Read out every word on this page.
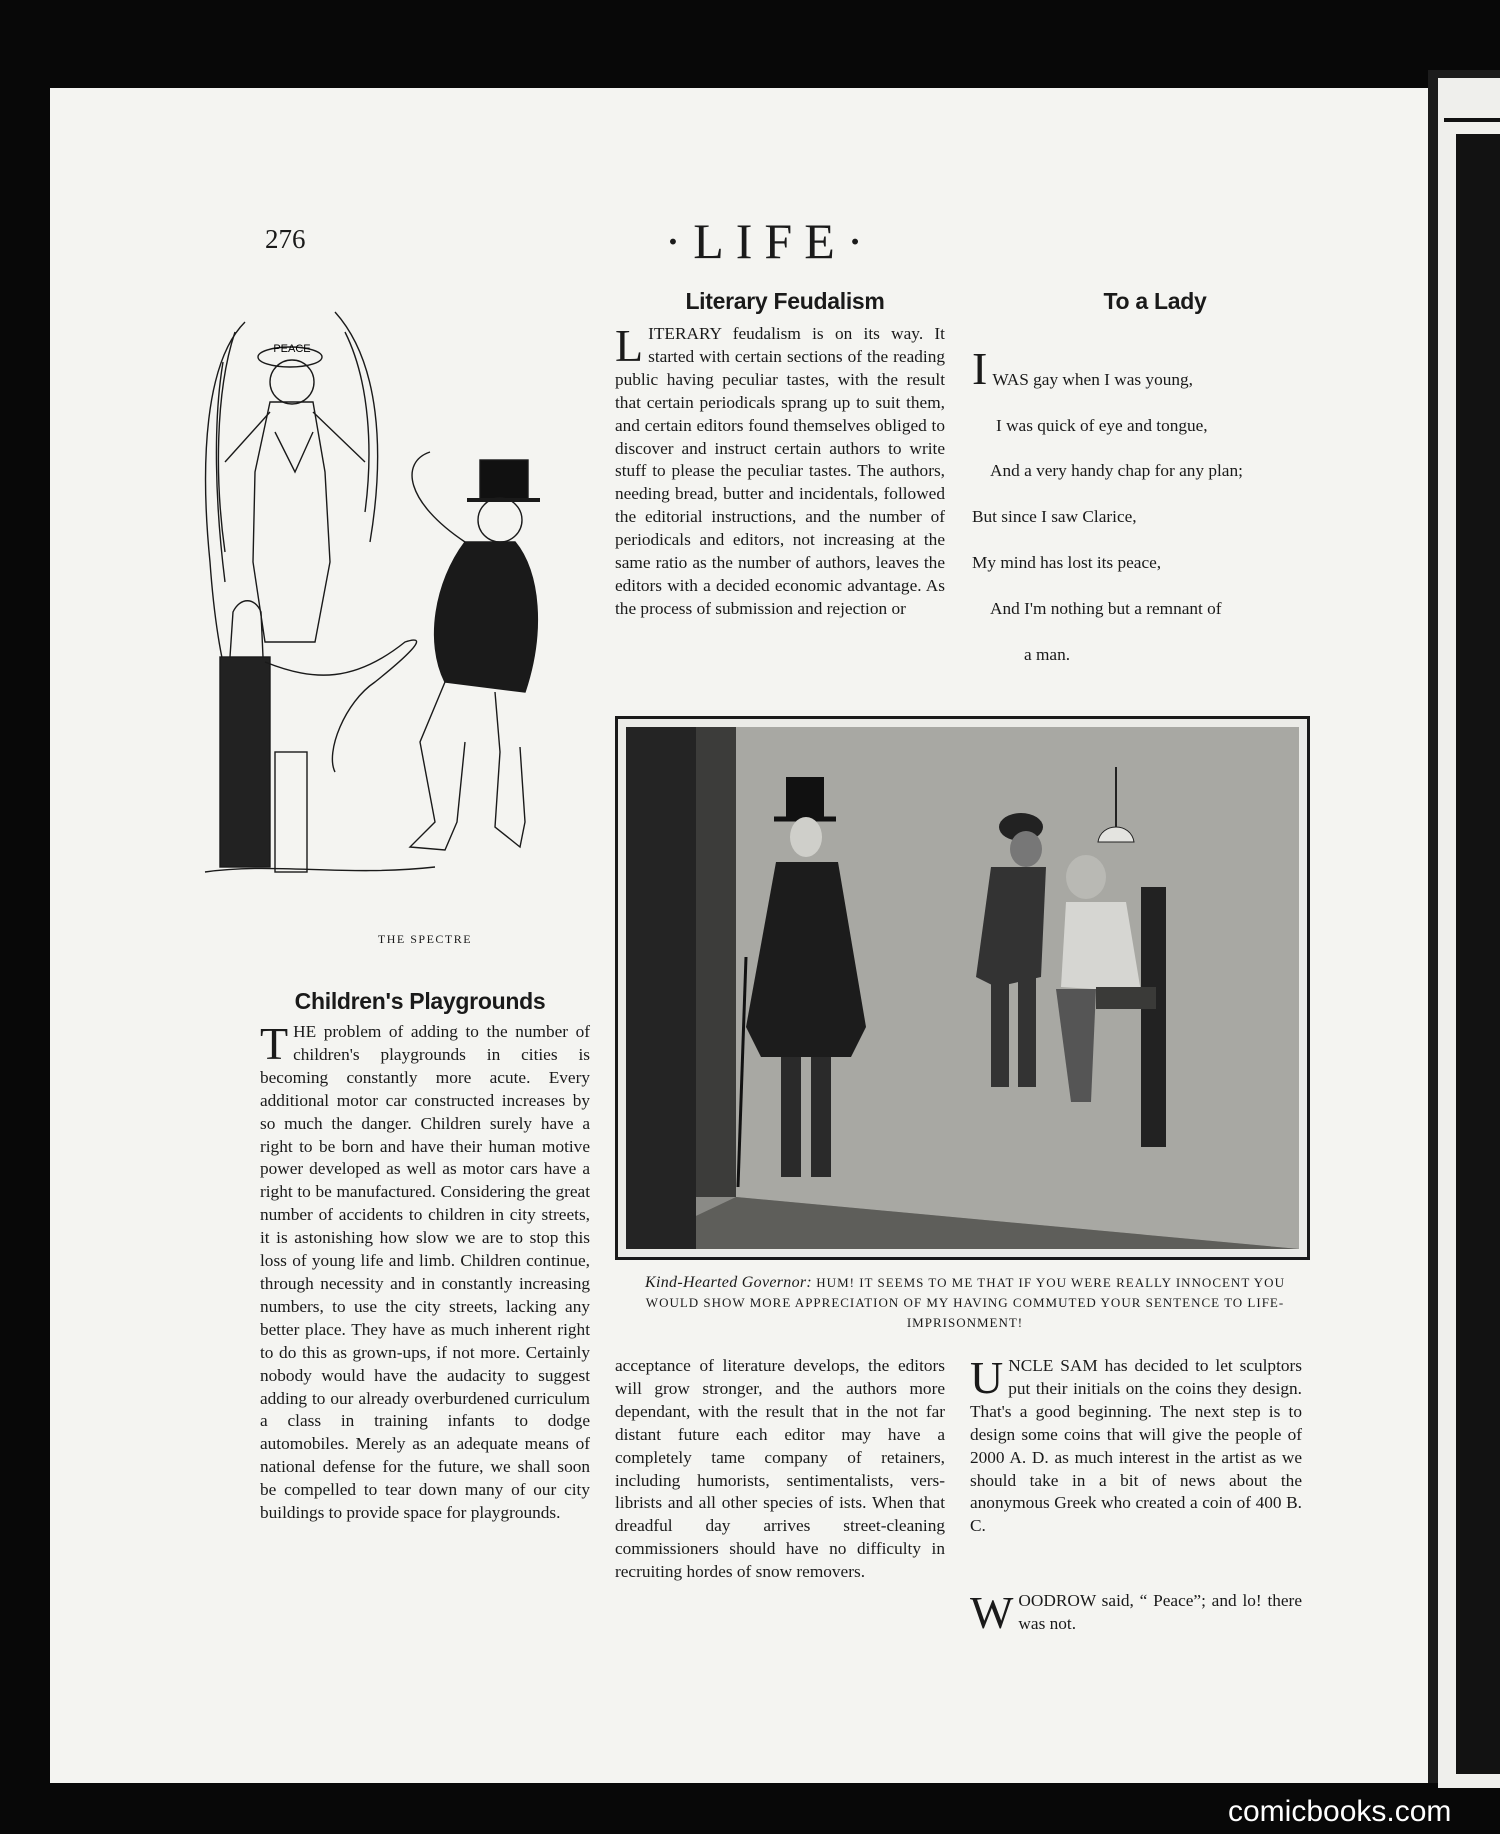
276	·LIFE·
PEACE
THE SPECTRE
Literary Feudalism
L ITERARY feudalism is on its way. It started with certain sections of the reading public having peculiar tastes, with the result that certain periodicals sprang up to suit them, and certain editors found themselves obliged to discover and instruct certain authors to write stuff to please the peculiar tastes. The authors, needing bread, butter and incidentals, followed the editorial instructions, and the number of periodicals and editors, not increasing at the same ratio as the number of authors, leaves the editors with a decided economic advantage. As the process of submission and rejection or
To a Lady

I WAS gay when I was young,

I was quick of eye and tongue,

And a very handy chap for any plan;

But since I saw Clarice,

My mind has lost its peace,

And I'm nothing but a remnant of

a man.

Kind-Hearted Governor: HUM! IT SEEMS TO ME THAT IF YOU WERE REALLY INNOCENT YOU WOULD SHOW MORE APPRECIATION OF MY HAVING COMMUTED YOUR SENTENCE TO LIFE-IMPRISONMENT!
Children's Playgrounds
T HE problem of adding to the number of children's playgrounds in cities is becoming constantly more acute. Every additional motor car constructed increases by so much the danger. Children surely have a right to be born and have their human motive power developed as well as motor cars have a right to be manufactured. Considering the great number of accidents to children in city streets, it is astonishing how slow we are to stop this loss of young life and limb. Children continue, through necessity and in constantly increasing numbers, to use the city streets, lacking any better place. They have as much inherent right to do this as grown-ups, if not more. Certainly nobody would have the audacity to suggest adding to our already overburdened curriculum a class in training infants to dodge automobiles. Merely as an adequate means of national defense for the future, we shall soon be compelled to tear down many of our city buildings to provide space for playgrounds.
acceptance of literature develops, the editors will grow stronger, and the authors more dependant, with the result that in the not far distant future each editor may have a completely tame company of retainers, including humorists, sentimentalists, vers-librists and all other species of ists. When that dreadful day arrives street-cleaning commissioners should have no difficulty in recruiting hordes of snow removers.
U NCLE SAM has decided to let sculptors put their initials on the coins they design. That's a good beginning. The next step is to design some coins that will give the people of 2000 A. D. as much interest in the artist as we should take in a bit of news about the anonymous Greek who created a coin of 400 B. C.
W OODROW said, “ Peace”; and lo! there was not.
comicbooks.com
